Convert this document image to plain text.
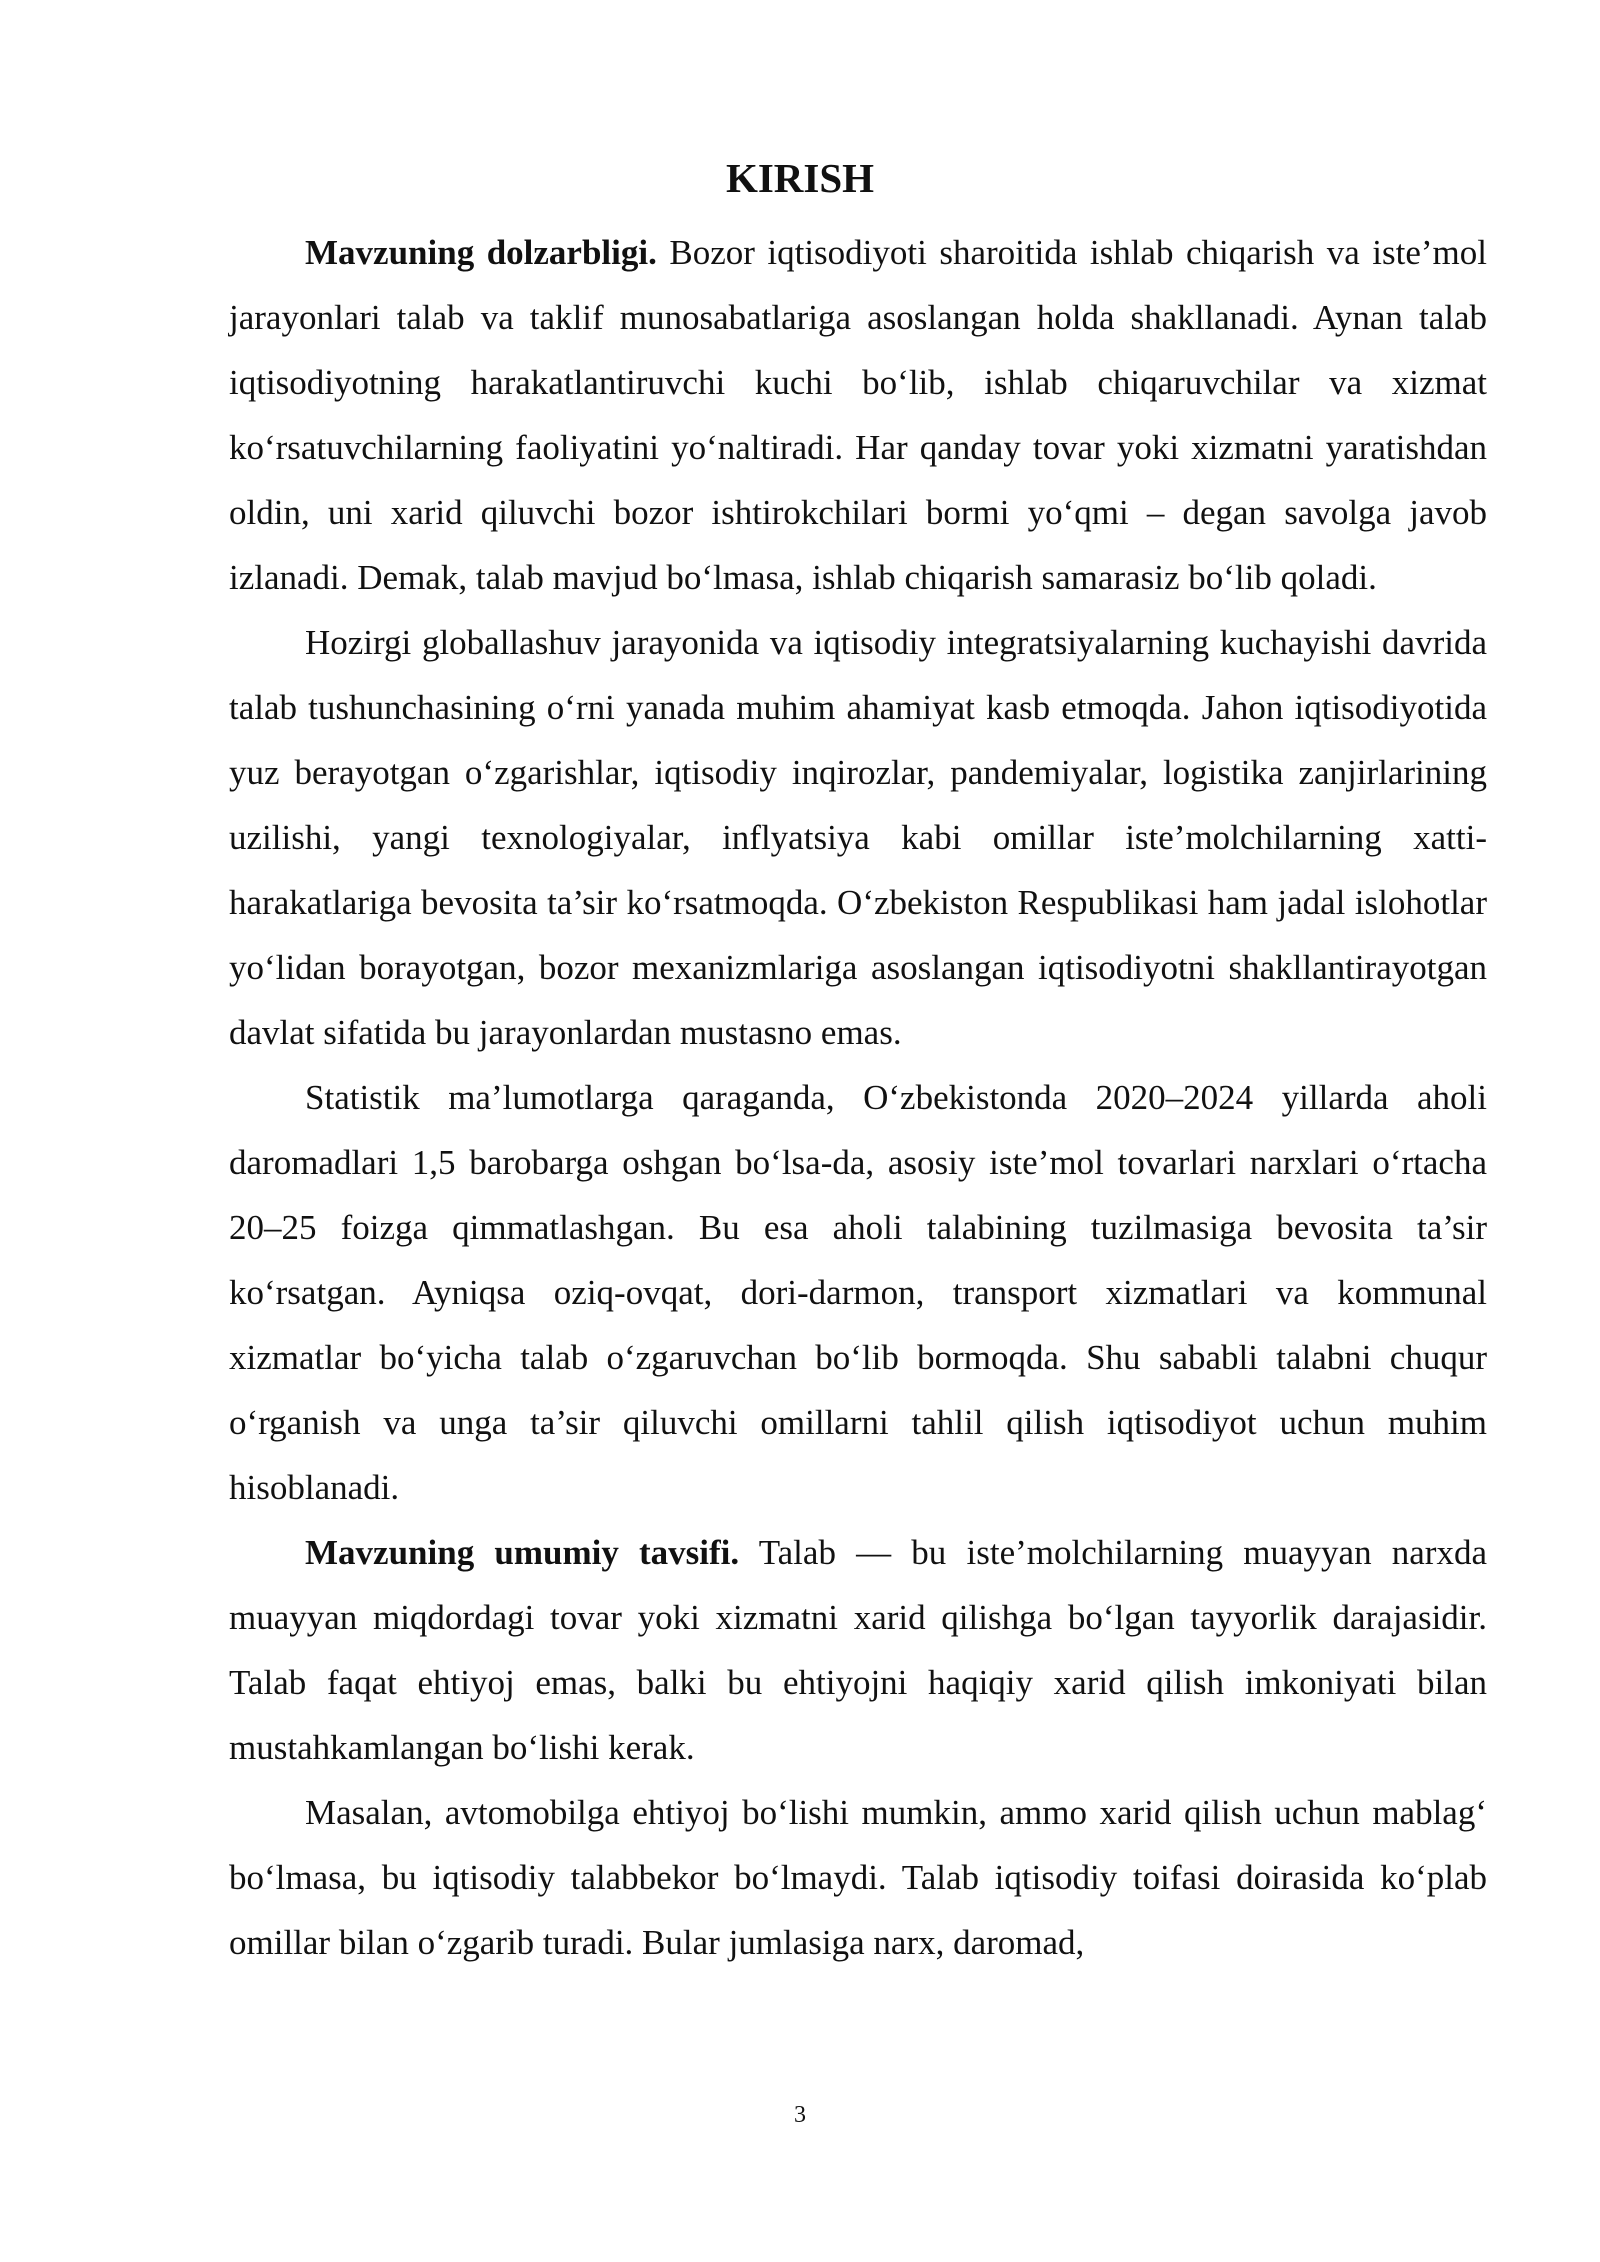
KIRISH

Mavzuning dolzarbligi. Bozor iqtisodiyoti sharoitida ishlab chiqarish va iste’mol jarayonlari talab va taklif munosabatlariga asoslangan holda shakllanadi. Aynan talab iqtisodiyotning harakatlantiruvchi kuchi bo‘lib, ishlab chiqaruvchilar va xizmat ko‘rsatuvchilarning faoliyatini yo‘naltiradi. Har qanday tovar yoki xizmatni yaratishdan oldin, uni xarid qiluvchi bozor ishtirokchilari bormi yo‘qmi – degan savolga javob izlanadi. Demak, talab mavjud bo‘lmasa, ishlab chiqarish samarasiz bo‘lib qoladi.

Hozirgi globallashuv jarayonida va iqtisodiy integratsiyalarning kuchayishi davrida talab tushunchasining o‘rni yanada muhim ahamiyat kasb etmoqda. Jahon iqtisodiyotida yuz berayotgan o‘zgarishlar, iqtisodiy inqirozlar, pandemiyalar, logistika zanjirlarining uzilishi, yangi texnologiyalar, inflyatsiya kabi omillar iste’molchilarning xatti-harakatlariga bevosita ta’sir ko‘rsatmoqda. O‘zbekiston Respublikasi ham jadal islohotlar yo‘lidan borayotgan, bozor mexanizmlariga asoslangan iqtisodiyotni shakllantirayotgan davlat sifatida bu jarayonlardan mustasno emas.

Statistik ma’lumotlarga qaraganda, O‘zbekistonda 2020–2024 yillarda aholi daromadlari 1,5 barobarga oshgan bo‘lsa-da, asosiy iste’mol tovarlari narxlari o‘rtacha 20–25 foizga qimmatlashgan. Bu esa aholi talabining tuzilmasiga bevosita ta’sir ko‘rsatgan. Ayniqsa oziq-ovqat, dori-darmon, transport xizmatlari va kommunal xizmatlar bo‘yicha talab o‘zgaruvchan bo‘lib bormoqda. Shu sababli talabni chuqur o‘rganish va unga ta’sir qiluvchi omillarni tahlil qilish iqtisodiyot uchun muhim hisoblanadi.

Mavzuning umumiy tavsifi. Talab — bu iste’molchilarning muayyan narxda muayyan miqdordagi tovar yoki xizmatni xarid qilishga bo‘lgan tayyorlik darajasidir. Talab faqat ehtiyoj emas, balki bu ehtiyojni haqiqiy xarid qilish imkoniyati bilan mustahkamlangan bo‘lishi kerak.

Masalan, avtomobilga ehtiyoj bo‘lishi mumkin, ammo xarid qilish uchun mablag‘ bo‘lmasa, bu iqtisodiy talabbekor bo‘lmaydi. Talab iqtisodiy toifasi doirasida ko‘plab omillar bilan o‘zgarib turadi. Bular jumlasiga narx, daromad,

3
